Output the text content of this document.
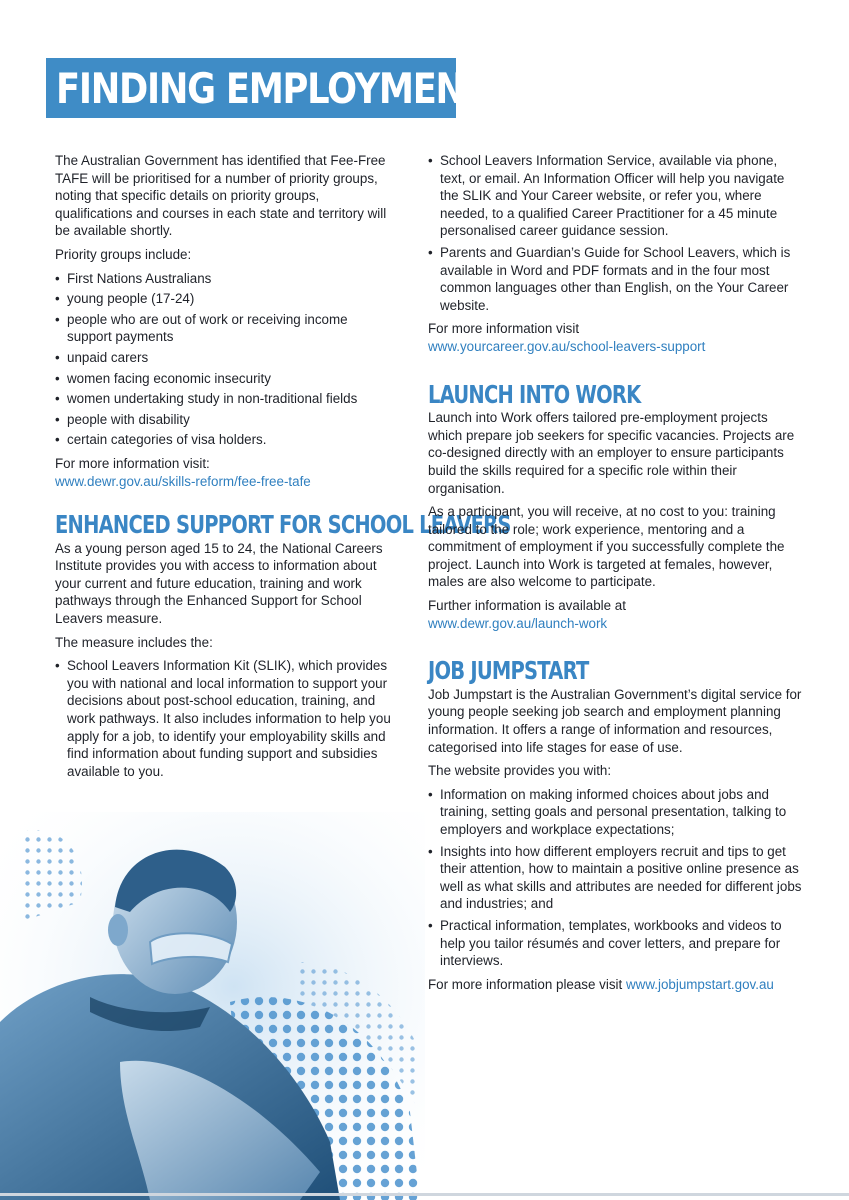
FINDING EMPLOYMENT

The Australian Government has identified that Fee-Free TAFE will be prioritised for a number of priority groups, noting that specific details on priority groups, qualifications and courses in each state and territory will be available shortly.

Priority groups include:

• First Nations Australians
• young people (17-24)
• people who are out of work or receiving income support payments
• unpaid carers
• women facing economic insecurity
• women undertaking study in non-traditional fields
• people with disability
• certain categories of visa holders.

For more information visit:
www.dewr.gov.au/skills-reform/fee-free-tafe

ENHANCED SUPPORT FOR SCHOOL LEAVERS

As a young person aged 15 to 24, the National Careers Institute provides you with access to information about your current and future education, training and work pathways through the Enhanced Support for School Leavers measure.

The measure includes the:

• School Leavers Information Kit (SLIK), which provides you with national and local information to support your decisions about post-school education, training, and work pathways. It also includes information to help you apply for a job, to identify your employability skills and find information about funding support and subsidies available to you.
• School Leavers Information Service, available via phone, text, or email. An Information Officer will help you navigate the SLIK and Your Career website, or refer you, where needed, to a qualified Career Practitioner for a 45 minute personalised career guidance session.
• Parents and Guardian’s Guide for School Leavers, which is available in Word and PDF formats and in the four most common languages other than English, on the Your Career website.

For more information visit
www.yourcareer.gov.au/school-leavers-support

LAUNCH INTO WORK

Launch into Work offers tailored pre-employment projects which prepare job seekers for specific vacancies. Projects are co-designed directly with an employer to ensure participants build the skills required for a specific role within their organisation.

As a participant, you will receive, at no cost to you: training tailored to the role; work experience, mentoring and a commitment of employment if you successfully complete the project. Launch into Work is targeted at females, however, males are also welcome to participate.

Further information is available at
www.dewr.gov.au/launch-work

JOB JUMPSTART

Job Jumpstart is the Australian Government’s digital service for young people seeking job search and employment planning information. It offers a range of information and resources, categorised into life stages for ease of use.

The website provides you with:

• Information on making informed choices about jobs and training, setting goals and personal presentation, talking to employers and workplace expectations;
• Insights into how different employers recruit and tips to get their attention, how to maintain a positive online presence as well as what skills and attributes are needed for different jobs and industries; and
• Practical information, templates, workbooks and videos to help you tailor résumés and cover letters, and prepare for interviews.

For more information please visit www.jobjumpstart.gov.au
